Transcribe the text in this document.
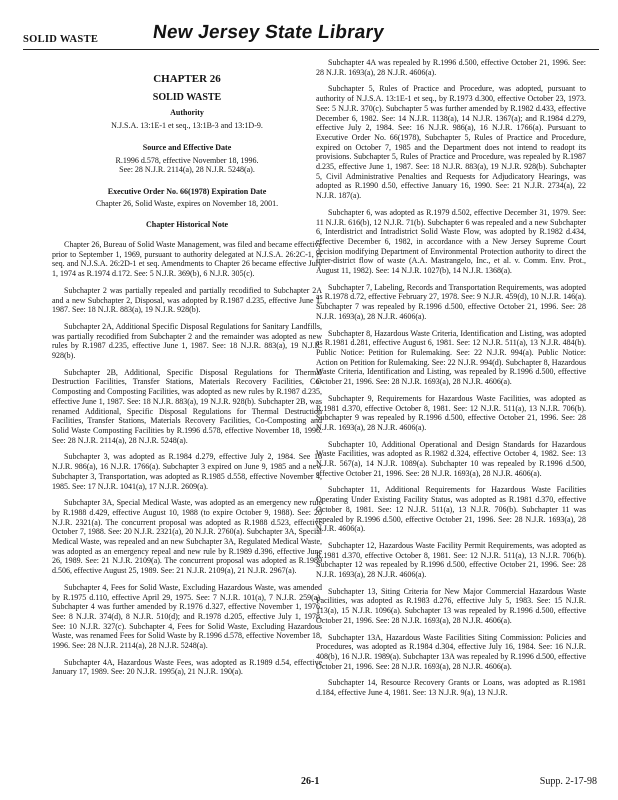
SOLID WASTE	New Jersey State Library
CHAPTER 26
SOLID WASTE
Authority
N.J.S.A. 13:1E-1 et seq., 13:1B-3 and 13:1D-9.
Source and Effective Date
R.1996 d.578, effective November 18, 1996.
See: 28 N.J.R. 2114(a), 28 N.J.R. 5248(a).
Executive Order No. 66(1978) Expiration Date
Chapter 26, Solid Waste, expires on November 18, 2001.
Chapter Historical Note

Chapter 26, Bureau of Solid Waste Management, was filed and became effective prior to September 1, 1969, pursuant to authority delegated at N.J.S.A. 26:2C-1, et seq. and N.J.S.A. 26:2D-1 et seq. Amendments to Chapter 26 became effective July 1, 1974 as R.1974 d.172. See: 5 N.J.R. 369(b), 6 N.J.R. 305(c).

Subchapter 2 was partially repealed and partially recodified to Subchapter 2A and a new Subchapter 2, Disposal, was adopted by R.1987 d.235, effective June 1, 1987. See: 18 N.J.R. 883(a), 19 N.J.R. 928(b).

Subchapter 2A, Additional Specific Disposal Regulations for Sanitary Landfills, was partially recodified from Subchapter 2 and the remainder was adopted as new rules by R.1987 d.235, effective June 1, 1987. See: 18 N.J.R. 883(a), 19 N.J.R. 928(b).

Subchapter 2B, Additional, Specific Disposal Regulations for Thermal Destruction Facilities, Transfer Stations, Materials Recovery Facilities, Co-Composting and Composting Facilities, was adopted as new rules by R.1987 d.235, effective June 1, 1987. See: 18 N.J.R. 883(a), 19 N.J.R. 928(b). Subchapter 2B, was renamed Additional, Specific Disposal Regulations for Thermal Destruction Facilities, Transfer Stations, Materials Recovery Facilities, Co-Composting and Solid Waste Composting Facilities by R.1996 d.578, effective November 18, 1996. See: 28 N.J.R. 2114(a), 28 N.J.R. 5248(a).

Subchapter 3, was adopted as R.1984 d.279, effective July 2, 1984. See 16 N.J.R. 986(a), 16 N.J.R. 1766(a). Subchapter 3 expired on June 9, 1985 and a new Subchapter 3, Transportation, was adopted as R.1985 d.558, effective November 4, 1985. See: 17 N.J.R. 1041(a), 17 N.J.R. 2609(a).

Subchapter 3A, Special Medical Waste, was adopted as an emergency new rule by R.1988 d.429, effective August 10, 1988 (to expire October 9, 1988). See: 20 N.J.R. 2321(a). The concurrent proposal was adopted as R.1988 d.523, effective October 7, 1988. See: 20 N.J.R. 2321(a), 20 N.J.R. 2760(a). Subchapter 3A, Special Medical Waste, was repealed and an new Subchapter 3A, Regulated Medical Waste, was adopted as an emergency repeal and new rule by R.1989 d.396, effective June 26, 1989. See: 21 N.J.R. 2109(a). The concurrent proposal was adopted as R.1989 d.506, effective August 25, 1989. See: 21 N.J.R. 2109(a), 21 N.J.R. 2967(a).

Subchapter 4, Fees for Solid Waste, Excluding Hazardous Waste, was amended by R.1975 d.110, effective April 29, 1975. See: 7 N.J.R. 101(a), 7 N.J.R. 259(a). Subchapter 4 was further amended by R.1976 d.327, effective November 1, 1976. See: 8 N.J.R. 374(d), 8 N.J.R. 510(d); and R.1978 d.205, effective July 1, 1978. See: 10 N.J.R. 327(c). Subchapter 4, Fees for Solid Waste, Excluding Hazardous Waste, was renamed Fees for Solid Waste by R.1996 d.578, effective November 18, 1996. See: 28 N.J.R. 2114(a), 28 N.J.R. 5248(a).

Subchapter 4A, Hazardous Waste Fees, was adopted as R.1989 d.54, effective January 17, 1989. See: 20 N.J.R. 1995(a), 21 N.J.R. 190(a).

Subchapter 4A was repealed by R.1996 d.500, effective October 21, 1996. See: 28 N.J.R. 1693(a), 28 N.J.R. 4606(a).

Subchapter 5, Rules of Practice and Procedure, was adopted, pursuant to authority of N.J.S.A. 13:1E-1 et seq., by R.1973 d.300, effective October 23, 1973. See: 5 N.J.R. 370(c). Subchapter 5 was further amended by R.1982 d.433, effective December 6, 1982. See: 14 N.J.R. 1138(a), 14 N.J.R. 1367(a); and R.1984 d.279, effective July 2, 1984. See: 16 N.J.R. 986(a), 16 N.J.R. 1766(a). Pursuant to Executive Order No. 66(1978), Subchapter 5, Rules of Practice and Procedure, expired on October 7, 1985 and the Department does not intend to readopt its provisions. Subchapter 5, Rules of Practice and Procedure, was repealed by R.1987 d.235, effective June 1, 1987. See: 18 N.J.R. 883(a), 19 N.J.R. 928(b). Subchapter 5, Civil Administrative Penalties and Requests for Adjudicatory Hearings, was adopted as R.1990 d.50, effective January 16, 1990. See: 21 N.J.R. 2734(a), 22 N.J.R. 187(a).

Subchapter 6, was adopted as R.1979 d.502, effective December 31, 1979. See: 11 N.J.R. 616(b), 12 N.J.R. 71(b). Subchapter 6 was repealed and a new Subchapter 6, Interdistrict and Intradistrict Solid Waste Flow, was adopted by R.1982 d.434, effective December 6, 1982, in accordance with a New Jersey Supreme Court decision modifying Department of Environmental Protection authority to direct the inter-district flow of waste (A.A. Mastrangelo, Inc., et al. v. Comm. Env. Prot., August 11, 1982). See: 14 N.J.R. 1027(b), 14 N.J.R. 1368(a).

Subchapter 7, Labeling, Records and Transportation Requirements, was adopted as R.1978 d.72, effective February 27, 1978. See: 9 N.J.R. 459(d), 10 N.J.R. 146(a). Subchapter 7 was repealed by R.1996 d.500, effective October 21, 1996. See: 28 N.J.R. 1693(a), 28 N.J.R. 4606(a).

Subchapter 8, Hazardous Waste Criteria, Identification and Listing, was adopted as R.1981 d.281, effective August 6, 1981. See: 12 N.J.R. 511(a), 13 N.J.R. 484(b). Public Notice: Petition for Rulemaking. See: 22 N.J.R. 994(a). Public Notice: Action on Petition for Rulemaking. See: 22 N.J.R. 994(d). Subchapter 8, Hazardous Waste Criteria, Identification and Listing, was repealed by R.1996 d.500, effective October 21, 1996. See: 28 N.J.R. 1693(a), 28 N.J.R. 4606(a).

Subchapter 9, Requirements for Hazardous Waste Facilities, was adopted as R.1981 d.370, effective October 8, 1981. See: 12 N.J.R. 511(a), 13 N.J.R. 706(b). Subchapter 9 was repealed by R.1996 d.500, effective October 21, 1996. See: 28 N.J.R. 1693(a), 28 N.J.R. 4606(a).

Subchapter 10, Additional Operational and Design Standards for Hazardous Waste Facilities, was adopted as R.1982 d.324, effective October 4, 1982. See: 13 N.J.R. 567(a), 14 N.J.R. 1089(a). Subchapter 10 was repealed by R.1996 d.500, effective October 21, 1996. See: 28 N.J.R. 1693(a), 28 N.J.R. 4606(a).

Subchapter 11, Additional Requirements for Hazardous Waste Facilities Operating Under Existing Facility Status, was adopted as R.1981 d.370, effective October 8, 1981. See: 12 N.J.R. 511(a), 13 N.J.R. 706(b). Subchapter 11 was repealed by R.1996 d.500, effective October 21, 1996. See: 28 N.J.R. 1693(a), 28 N.J.R. 4606(a).

Subchapter 12, Hazardous Waste Facility Permit Requirements, was adopted as R.1981 d.370, effective October 8, 1981. See: 12 N.J.R. 511(a), 13 N.J.R. 706(b). Subchapter 12 was repealed by R.1996 d.500, effective October 21, 1996. See: 28 N.J.R. 1693(a), 28 N.J.R. 4606(a).

Subchapter 13, Siting Criteria for New Major Commercial Hazardous Waste Facilities, was adopted as R.1983 d.276, effective July 5, 1983. See: 15 N.J.R. 113(a), 15 N.J.R. 1096(a). Subchapter 13 was repealed by R.1996 d.500, effective October 21, 1996. See: 28 N.J.R. 1693(a), 28 N.J.R. 4606(a).

Subchapter 13A, Hazardous Waste Facilities Siting Commission: Policies and Procedures, was adopted as R.1984 d.304, effective July 16, 1984. See: 16 N.J.R. 408(b), 16 N.J.R. 1989(a). Subchapter 13A was repealed by R.1996 d.500, effective October 21, 1996. See: 28 N.J.R. 1693(a), 28 N.J.R. 4606(a).

Subchapter 14, Resource Recovery Grants or Loans, was adopted as R.1981 d.184, effective June 4, 1981. See: 13 N.J.R. 9(a), 13 N.J.R.

26-1	Supp. 2-17-98
